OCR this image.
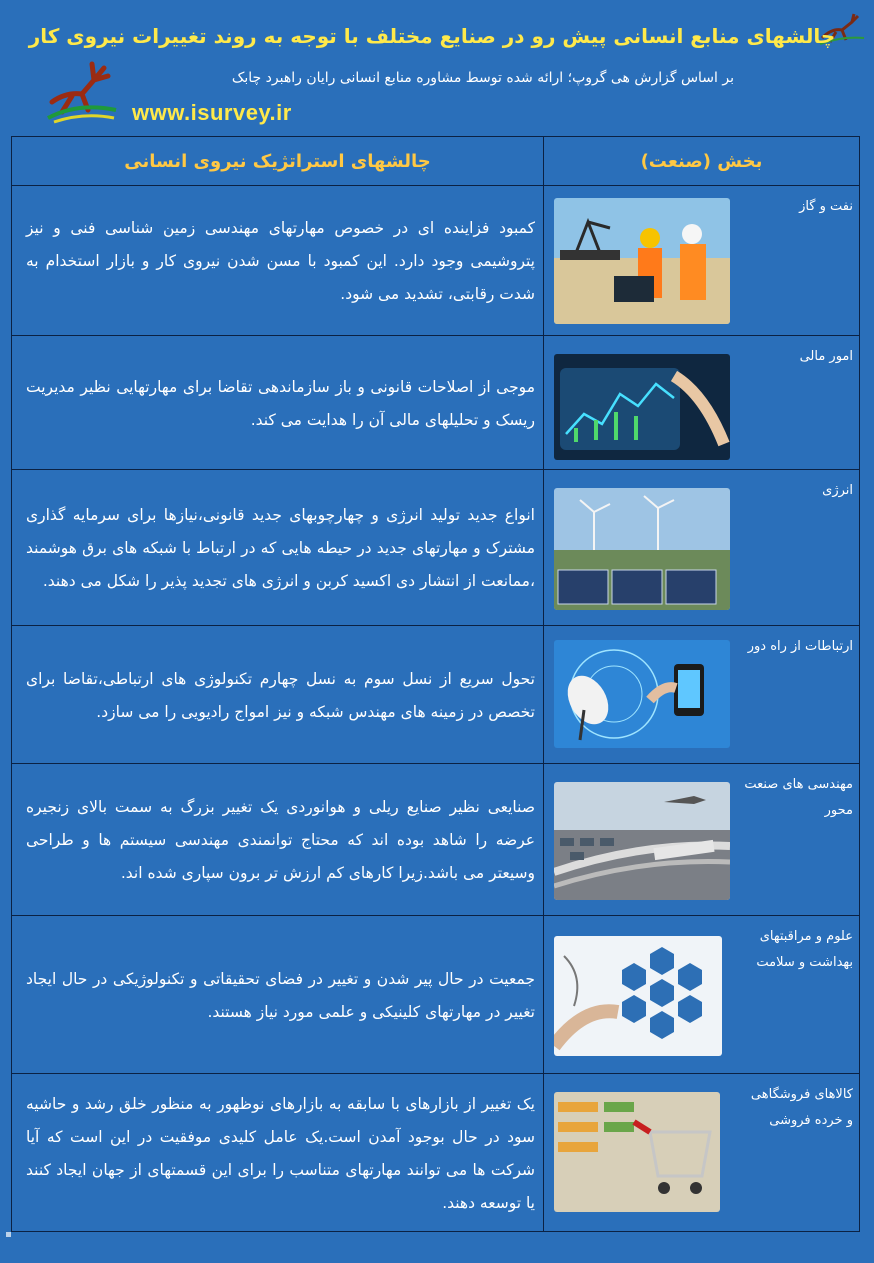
چالشهای منابع انسانی پیش رو در صنایع مختلف با توجه به روند تغییرات نیروی کار
بر اساس گزارش هی گروپ؛ ارائه شده توسط مشاوره منابع انسانی رایان راهبرد چابک
www.isurvey.ir
چالشهای استراتژیک نیروی انسانی	بخش (صنعت)
کمبود فزاینده ای در خصوص مهارتهای مهندسی زمین شناسی فنی و نیز پتروشیمی وجود دارد. این کمبود با مسن شدن نیروی کار و بازار استخدام به شدت رقابتی، تشدید می شود.	نفت و گاز

موجی از اصلاحات قانونی و باز سازماندهی تقاضا برای مهارتهایی نظیر مدیریت ریسک و تحلیلهای مالی آن را هدایت می کند.	امور مالی

انواع جدید تولید انرژی و چهارچوبهای جدید قانونی،نیازها برای سرمایه گذاری مشترک و مهارتهای جدید در حیطه هایی که در ارتباط با شبکه های برق هوشمند ،ممانعت از انتشار دی اکسید کربن و انرژی های تجدید پذیر را شکل می دهند.	انرژی

تحول سریع از نسل سوم به نسل چهارم تکنولوژی های ارتباطی،تقاضا برای تخصص در زمینه های مهندس شبکه و نیز امواج رادیویی را می سازد.	ارتباطات از راه دور

صنایعی نظیر صنایع ریلی و هوانوردی یک تغییر بزرگ به سمت بالای زنجیره عرضه را شاهد بوده اند که محتاج توانمندی مهندسی سیستم ها و طراحی وسیعتر می باشد.زیرا کارهای کم ارزش تر برون سپاری شده اند.	مهندسی های صنعت محور

جمعیت در حال پیر شدن و تغییر در فضای تحقیقاتی و تکنولوژیکی در حال ایجاد تغییر در مهارتهای کلینیکی و علمی مورد نیاز هستند.	علوم و مراقبتهای بهداشت و سلامت

یک تغییر از بازارهای با سابقه به بازارهای نوظهور به منظور خلق رشد و حاشیه سود در حال بوجود آمدن است.یک عامل کلیدی موفقیت در این است که آیا شرکت ها می توانند مهارتهای متناسب را برای این قسمتهای از جهان ایجاد کنند یا توسعه دهند.	کالاهای فروشگاهی و خرده فروشی
